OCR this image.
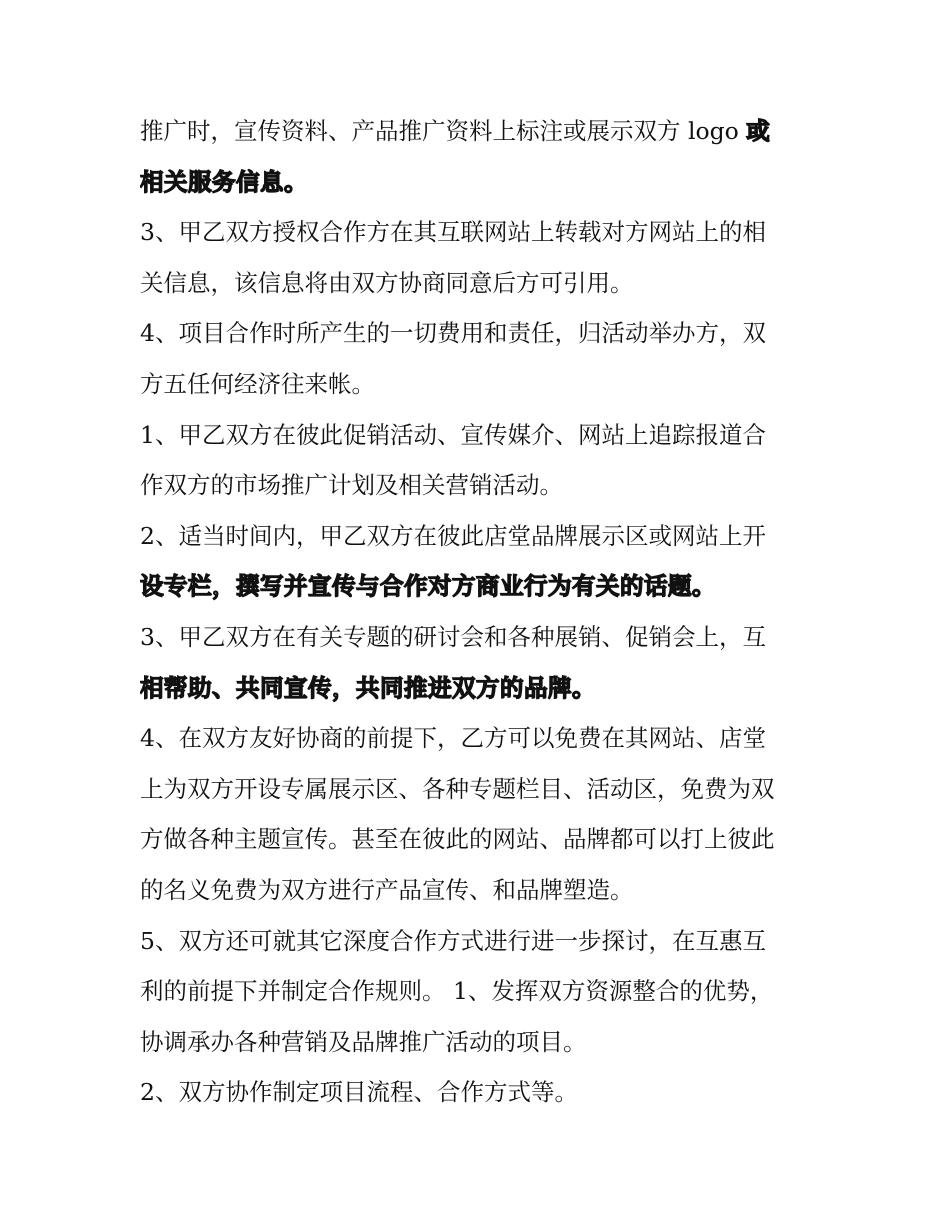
推广时，宣传资料、产品推广资料上标注或展示双方 logo 或
相关服务信息。
3、甲乙双方授权合作方在其互联网站上转载对方网站上的相
关信息，该信息将由双方协商同意后方可引用。
4、项目合作时所产生的一切费用和责任，归活动举办方，双
方五任何经济往来帐。
1、甲乙双方在彼此促销活动、宣传媒介、网站上追踪报道合
作双方的市场推广计划及相关营销活动。
2、适当时间内，甲乙双方在彼此店堂品牌展示区或网站上开
设专栏，撰写并宣传与合作对方商业行为有关的话题。
3、甲乙双方在有关专题的研讨会和各种展销、促销会上，互
相帮助、共同宣传，共同推进双方的品牌。
4、在双方友好协商的前提下，乙方可以免费在其网站、店堂
上为双方开设专属展示区、各种专题栏目、活动区，免费为双
方做各种主题宣传。甚至在彼此的网站、品牌都可以打上彼此
的名义免费为双方进行产品宣传、和品牌塑造。
5、双方还可就其它深度合作方式进行进一步探讨，在互惠互
利的前提下并制定合作规则。 1、发挥双方资源整合的优势，
协调承办各种营销及品牌推广活动的项目。
2、双方协作制定项目流程、合作方式等。
